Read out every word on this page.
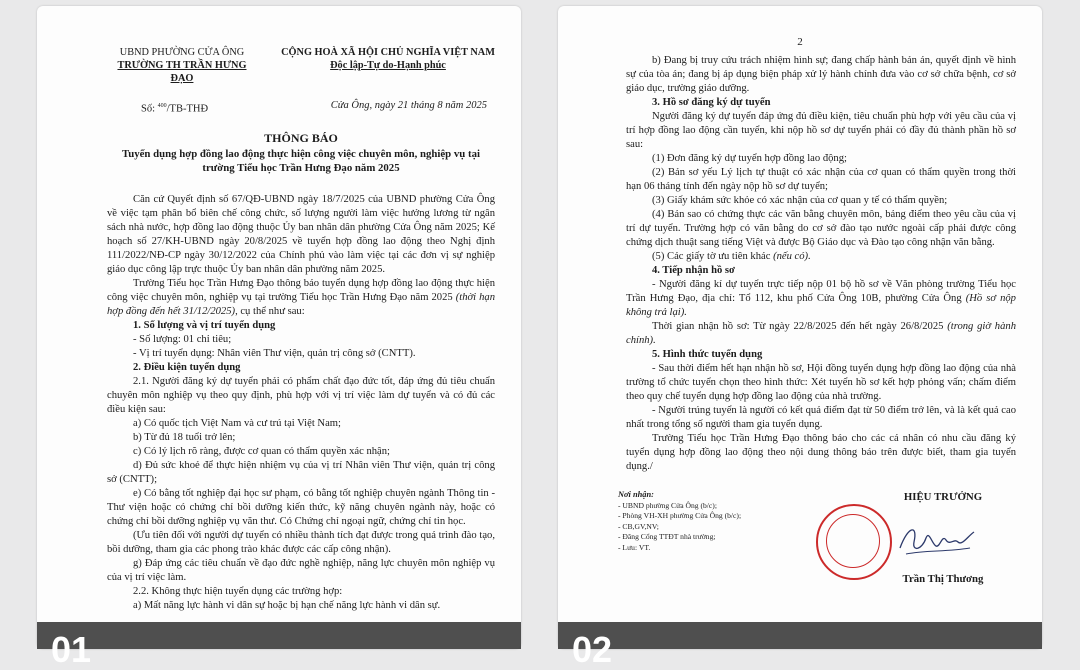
UBND PHƯỜNG CỬA ÔNG
TRƯỜNG TH TRẦN HƯNG ĐẠO
CỘNG HOÀ XÃ HỘI CHỦ NGHĨA VIỆT NAM
Độc lập-Tự do-Hạnh phúc
Số: $^{400}$/TB-THĐ	Cửa Ông, ngày 21 tháng 8 năm 2025
THÔNG BÁO
Tuyển dụng hợp đồng lao động thực hiện công việc chuyên môn, nghiệp vụ tại trường Tiểu học Trần Hưng Đạo năm 2025

Căn cứ Quyết định số 67/QĐ-UBND ngày 18/7/2025 của UBND phường Cửa Ông về việc tạm phân bổ biên chế công chức, số lượng người làm việc hưởng lương từ ngân sách nhà nước, hợp đồng lao động thuộc Ủy ban nhân dân phường Cửa Ông năm 2025; Kế hoạch số 27/KH-UBND ngày 20/8/2025 về tuyển hợp đồng lao động theo Nghị định 111/2022/NĐ-CP ngày 30/12/2022 của Chính phủ vào làm việc tại các đơn vị sự nghiệp giáo dục công lập trực thuộc Ủy ban nhân dân phường năm 2025.

Trường Tiểu học Trần Hưng Đạo thông báo tuyển dụng hợp đồng lao động thực hiện công việc chuyên môn, nghiệp vụ tại trường Tiểu học Trần Hưng Đạo năm 2025 (thời hạn hợp đồng đến hết 31/12/2025), cụ thể như sau:

1. Số lượng và vị trí tuyển dụng

- Số lượng: 01 chỉ tiêu;

- Vị trí tuyển dụng: Nhân viên Thư viện, quản trị công sở (CNTT).

2. Điều kiện tuyển dụng

2.1. Người đăng ký dự tuyển phải có phẩm chất đạo đức tốt, đáp ứng đủ tiêu chuẩn chuyên môn nghiệp vụ theo quy định, phù hợp với vị trí việc làm dự tuyển và có đủ các điều kiện sau:

a) Có quốc tịch Việt Nam và cư trú tại Việt Nam;

b) Từ đủ 18 tuổi trở lên;

c) Có lý lịch rõ ràng, được cơ quan có thẩm quyền xác nhận;

d) Đủ sức khoẻ để thực hiện nhiệm vụ của vị trí Nhân viên Thư viện, quản trị công sở (CNTT);

e) Có bằng tốt nghiệp đại học sư phạm, có bằng tốt nghiệp chuyên ngành Thông tin - Thư viện hoặc có chứng chỉ bồi dưỡng kiến thức, kỹ năng chuyên ngành này, hoặc có chứng chỉ bồi dưỡng nghiệp vụ văn thư. Có Chứng chỉ ngoại ngữ, chứng chỉ tin học.

(Ưu tiên đối với người dự tuyển có nhiều thành tích đạt được trong quá trình đào tạo, bồi dưỡng, tham gia các phong trào khác được các cấp công nhận).

g) Đáp ứng các tiêu chuẩn về đạo đức nghề nghiệp, năng lực chuyên môn nghiệp vụ của vị trí việc làm.

2.2. Không thực hiện tuyển dụng các trường hợp:

a) Mất năng lực hành vi dân sự hoặc bị hạn chế năng lực hành vi dân sự.

01
2

b) Đang bị truy cứu trách nhiệm hình sự; đang chấp hành bản án, quyết định về hình sự của tòa án; đang bị áp dụng biện pháp xử lý hành chính đưa vào cơ sở chữa bệnh, cơ sở giáo dục, trường giáo dưỡng.

3. Hồ sơ đăng ký dự tuyển

Người đăng ký dự tuyển đáp ứng đủ điều kiện, tiêu chuẩn phù hợp với yêu cầu của vị trí hợp đồng lao động cần tuyển, khi nộp hồ sơ dự tuyển phải có đầy đủ thành phần hồ sơ sau:

(1) Đơn đăng ký dự tuyển hợp đồng lao động;

(2) Bản sơ yếu Lý lịch tự thuật có xác nhận của cơ quan có thẩm quyền trong thời hạn 06 tháng tính đến ngày nộp hồ sơ dự tuyển;

(3) Giấy khám sức khỏe có xác nhận của cơ quan y tế có thẩm quyền;

(4) Bản sao có chứng thực các văn bằng chuyên môn, bảng điểm theo yêu cầu của vị trí dự tuyển. Trường hợp có văn bằng do cơ sở đào tạo nước ngoài cấp phải được công chứng dịch thuật sang tiếng Việt và được Bộ Giáo dục và Đào tạo công nhận văn bằng.

(5) Các giấy tờ ưu tiên khác (nếu có).

4. Tiếp nhận hồ sơ

- Người đăng kí dự tuyển trực tiếp nộp 01 bộ hồ sơ về Văn phòng trường Tiểu học Trần Hưng Đạo, địa chỉ: Tổ 112, khu phố Cửa Ông 10B, phường Cửa Ông (Hồ sơ nộp không trả lại).

Thời gian nhận hồ sơ: Từ ngày 22/8/2025 đến hết ngày 26/8/2025 (trong giờ hành chính).

5. Hình thức tuyển dụng

- Sau thời điểm hết hạn nhận hồ sơ, Hội đồng tuyển dụng hợp đồng lao động của nhà trường tổ chức tuyển chọn theo hình thức: Xét tuyển hồ sơ kết hợp phỏng vấn; chấm điểm theo quy chế tuyển dụng hợp đồng lao động của nhà trường.

- Người trúng tuyển là người có kết quả điểm đạt từ 50 điểm trở lên, và là kết quả cao nhất trong tổng số người tham gia tuyển dụng.

Trường Tiểu học Trần Hưng Đạo thông báo cho các cá nhân có nhu cầu đăng ký tuyển dụng hợp đồng lao động theo nội dung thông báo trên được biết, tham gia tuyển dụng./

Nơi nhận:
- UBND phường Cửa Ông (b/c);
- Phòng VH-XH phường Cửa Ông (b/c);
- CB,GV,NV;
- Đăng Cổng TTĐT nhà trường;
- Lưu: VT.
HIỆU TRƯỞNG
Trần Thị Thương
02
